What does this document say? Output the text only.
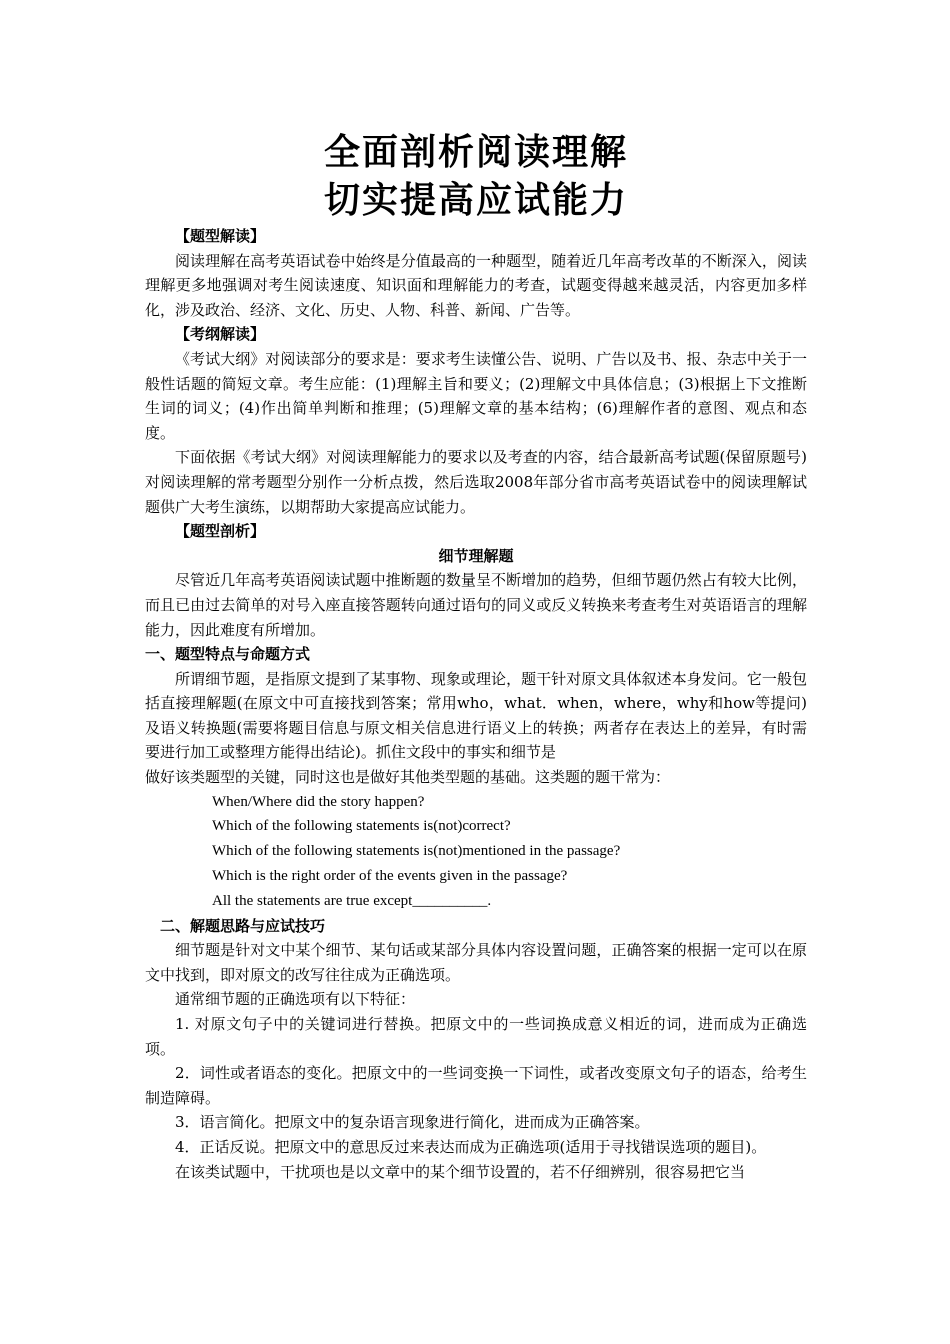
全面剖析阅读理解
切实提高应试能力

【题型解读】

阅读理解在高考英语试卷中始终是分值最高的一种题型，随着近几年高考改革的不断深入，阅读理解更多地强调对考生阅读速度、知识面和理解能力的考查，试题变得越来越灵活，内容更加多样化，涉及政治、经济、文化、历史、人物、科普、新闻、广告等。

【考纲解读】

《考试大纲》对阅读部分的要求是：要求考生读懂公告、说明、广告以及书、报、杂志中关于一般性话题的简短文章。考生应能：(1)理解主旨和要义；(2)理解文中具体信息；(3)根据上下文推断生词的词义；(4)作出简单判断和推理；(5)理解文章的基本结构；(6)理解作者的意图、观点和态度。

下面依据《考试大纲》对阅读理解能力的要求以及考查的内容，结合最新高考试题(保留原题号)对阅读理解的常考题型分别作一分析点拨，然后选取2008年部分省市高考英语试卷中的阅读理解试题供广大考生演练，以期帮助大家提高应试能力。

【题型剖析】

细节理解题

尽管近几年高考英语阅读试题中推断题的数量呈不断增加的趋势，但细节题仍然占有较大比例，而且已由过去简单的对号入座直接答题转向通过语句的同义或反义转换来考查考生对英语语言的理解能力，因此难度有所增加。

一、题型特点与命题方式

所谓细节题，是指原文提到了某事物、现象或理论，题干针对原文具体叙述本身发问。它一般包括直接理解题(在原文中可直接找到答案；常用who，what．when，where，why和how等提问)及语义转换题(需要将题目信息与原文相关信息进行语义上的转换；两者存在表达上的差异，有时需要进行加工或整理方能得出结论)。抓住文段中的事实和细节是

做好该类题型的关键，同时这也是做好其他类型题的基础。这类题的题干常为：

When/Where did the story happen?

Which of the following statements is(not)correct?

Which of the following statements is(not)mentioned in the passage?

Which is the right order of the events given in the passage?

All the statements are true except__________.

二、解题思路与应试技巧

细节题是针对文中某个细节、某句话或某部分具体内容设置问题，正确答案的根据一定可以在原文中找到，即对原文的改写往往成为正确选项。

通常细节题的正确选项有以下特征：

1. 对原文句子中的关键词进行替换。把原文中的一些词换成意义相近的词，进而成为正确选项。

2．词性或者语态的变化。把原文中的一些词变换一下词性，或者改变原文句子的语态，给考生制造障碍。

3．语言简化。把原文中的复杂语言现象进行简化，进而成为正确答案。

4．正话反说。把原文中的意思反过来表达而成为正确选项(适用于寻找错误选项的题目)。

在该类试题中，干扰项也是以文章中的某个细节设置的，若不仔细辨别，很容易把它当
